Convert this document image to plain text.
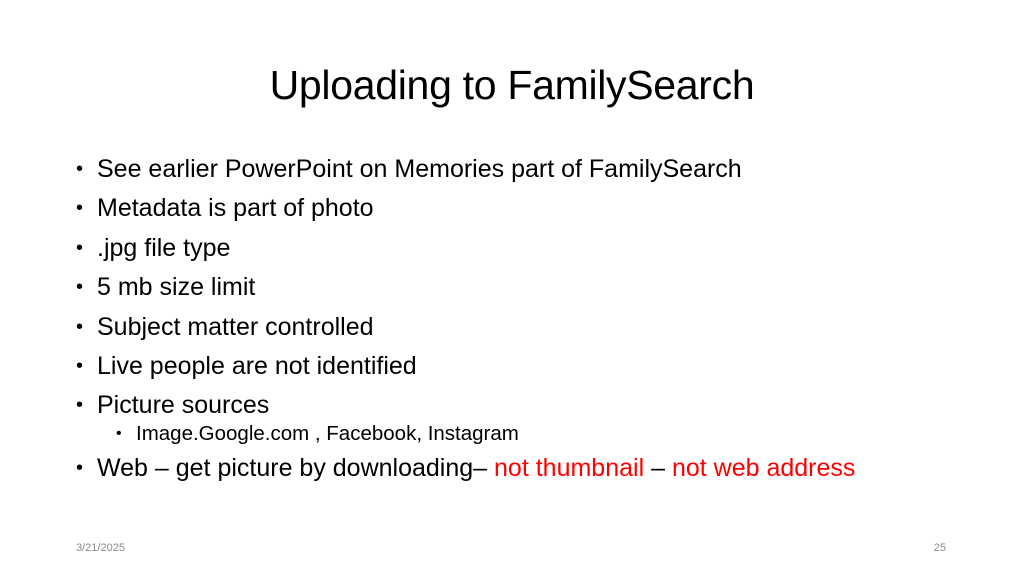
Uploading to FamilySearch
• See earlier PowerPoint on Memories part of FamilySearch
• Metadata is part of photo
• .jpg file type
• 5 mb size limit
• Subject matter controlled
• Live people are not identified
• Picture sources
• Image.Google.com , Facebook, Instagram
• Web – get picture by downloading– not thumbnail – not web address
3/21/2025	25
